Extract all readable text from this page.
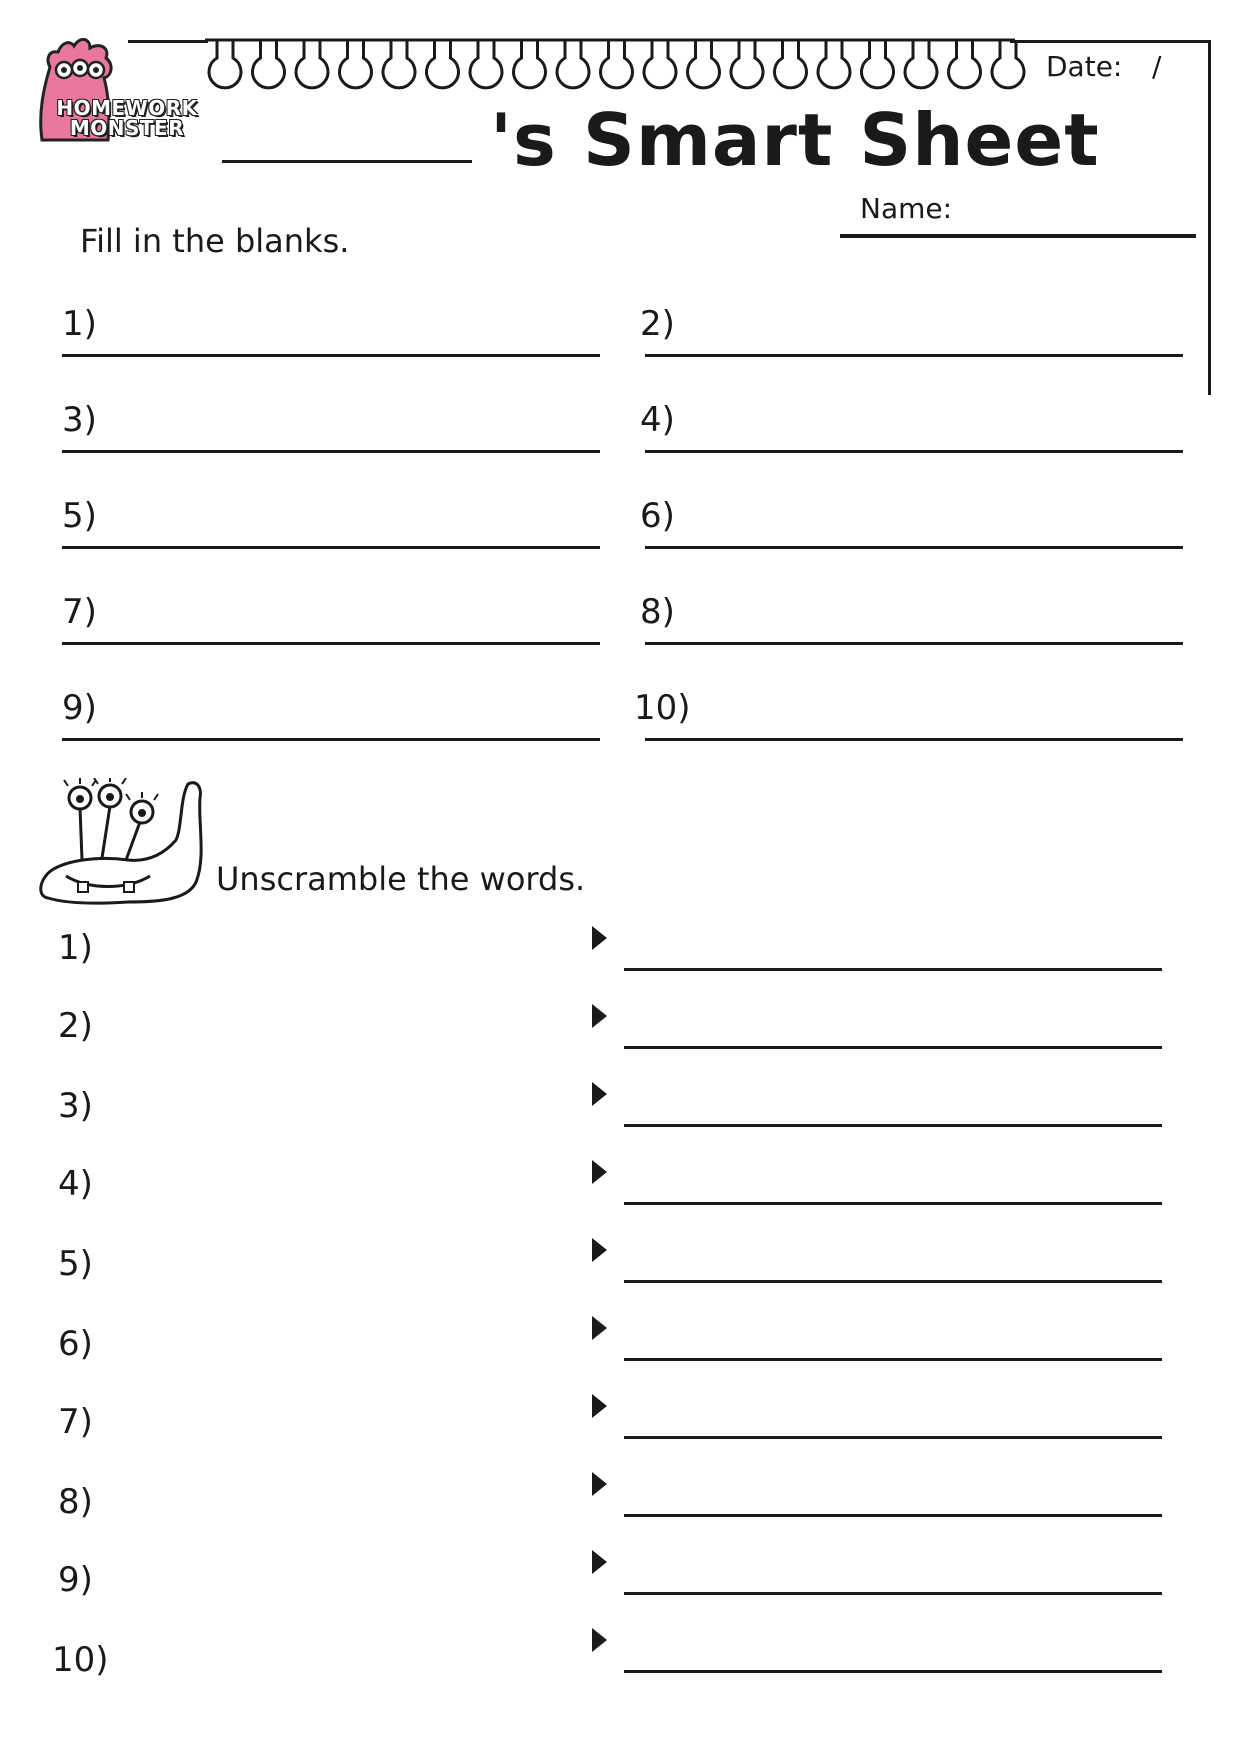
HOMEWORK
MONSTER
Date: /
's Smart Sheet
Name:
Fill in the blanks.
1)	2)
3)	4)
5)	6)
7)	8)
9)	10)
Unscramble the words.
1)
2)
3)
4)
5)
6)
7)
8)
9)
10)
